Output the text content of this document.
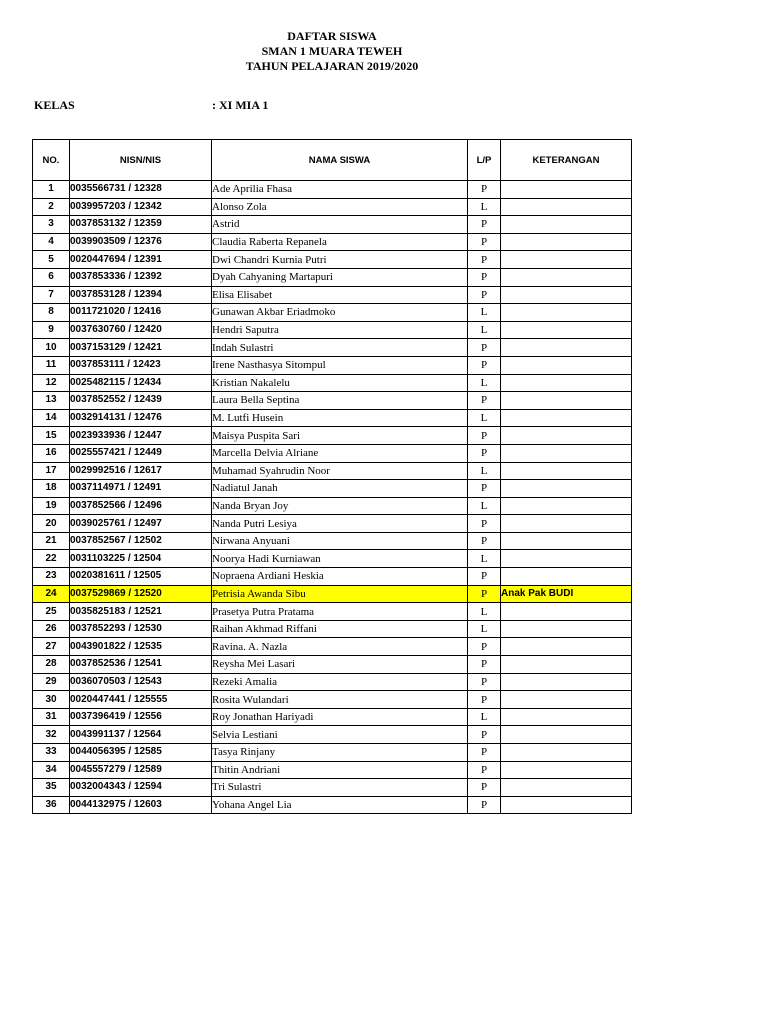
DAFTAR SISWA
SMAN 1 MUARA TEWEH
TAHUN PELAJARAN 2019/2020
KELAS	: XI MIA 1
NO.	NISN/NIS	NAMA SISWA	L/P	KETERANGAN
1	0035566731 / 12328	Ade Aprilia Fhasa	P	
2	0039957203 / 12342	Alonso Zola	L	
3	0037853132 / 12359	Astrid	P	
4	0039903509 / 12376	Claudia Raberta Repanela	P	
5	0020447694 / 12391	Dwi Chandri Kurnia Putri	P	
6	0037853336 / 12392	Dyah Cahyaning Martapuri	P	
7	0037853128 / 12394	Elisa Elisabet	P	
8	0011721020 / 12416	Gunawan Akbar Eriadmoko	L	
9	0037630760 / 12420	Hendri Saputra	L	
10	0037153129 / 12421	Indah Sulastri	P	
11	0037853111 / 12423	Irene Nasthasya Sitompul	P	
12	0025482115 / 12434	Kristian Nakalelu	L	
13	0037852552 / 12439	Laura Bella Septina	P	
14	0032914131 / 12476	M. Lutfi Husein	L	
15	0023933936 / 12447	Maisya Puspita Sari	P	
16	0025557421 / 12449	Marcella Delvia Alriane	P	
17	0029992516 / 12617	Muhamad Syahrudin Noor	L	
18	0037114971 / 12491	Nadiatul Janah	P	
19	0037852566 / 12496	Nanda Bryan Joy	L	
20	0039025761 / 12497	Nanda Putri Lesiya	P	
21	0037852567 / 12502	Nirwana Anyuani	P	
22	0031103225 / 12504	Noorya Hadi Kurniawan	L	
23	0020381611 / 12505	Nopraena Ardiani Heskia	P	
24	0037529869 / 12520	Petrisia Awanda Sibu	P	Anak Pak BUDI
25	0035825183 / 12521	Prasetya Putra Pratama	L	
26	0037852293 / 12530	Raihan Akhmad Riffani	L	
27	0043901822 / 12535	Ravina. A. Nazla	P	
28	0037852536 / 12541	Reysha Mei Lasari	P	
29	0036070503 / 12543	Rezeki Amalia	P	
30	0020447441 / 125555	Rosita Wulandari	P	
31	0037396419 / 12556	Roy Jonathan Hariyadi	L	
32	0043991137 / 12564	Selvia Lestiani	P	
33	0044056395 / 12585	Tasya Rinjany	P	
34	0045557279 / 12589	Thitin Andriani	P	
35	0032004343 / 12594	Tri Sulastri	P	
36	0044132975 / 12603	Yohana Angel Lia	P	
